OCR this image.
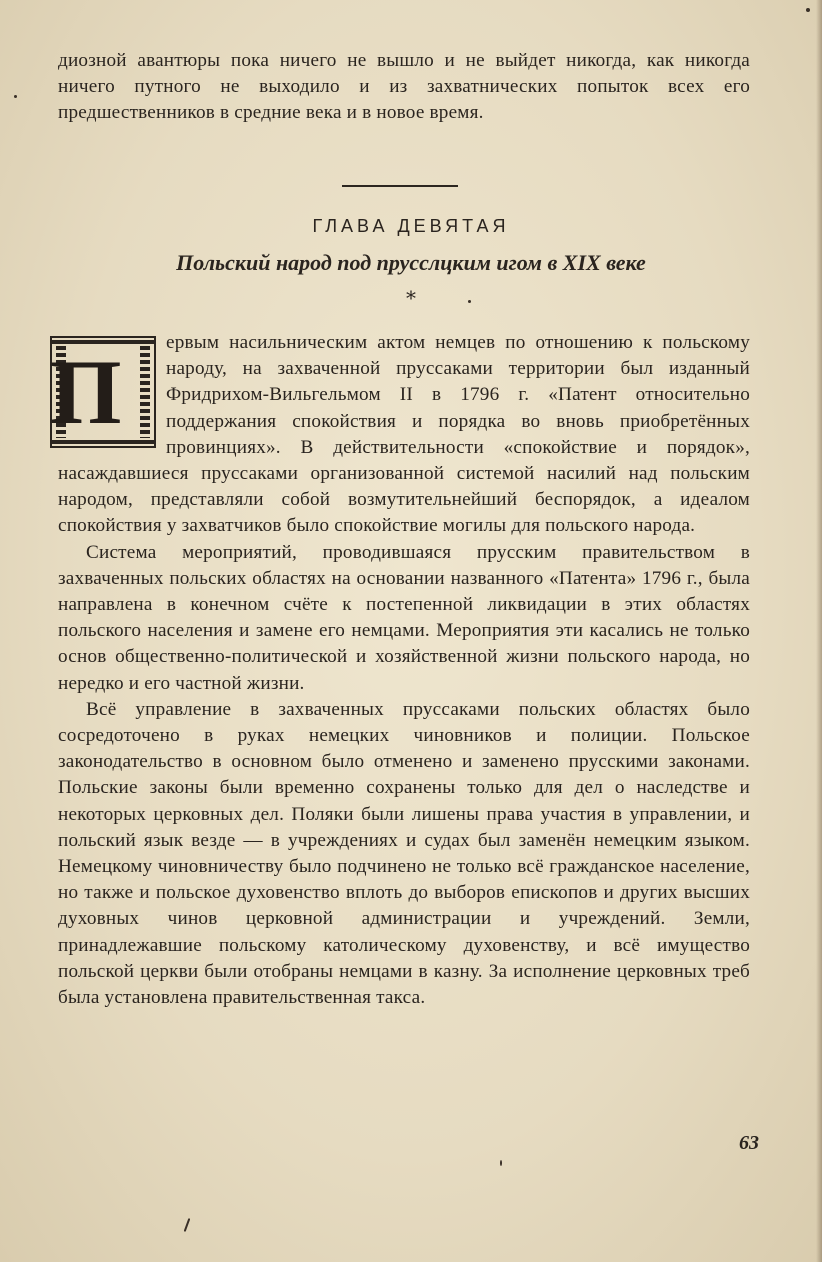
диозной авантюры пока ничего не вышло и не выйдет никогда, как никогда ничего путного не выходило и из захватнических попыток всех его предшественников в средние века и в новое время.
ГЛАВА ДЕВЯТАЯ
Польский народ под прусслцким игом в XIX веке
*

П	ервым насильническим актом немцев по отношению к польскому народу, на захваченной пруссаками территории был изданный Фридрихом-Вильгельмом II в 1796 г. «Патент относительно поддержания спокойствия и порядка во вновь приобретённых провинциях». В действительности «спокойствие и порядок», насаждавшиеся пруссаками организованной системой насилий над польским народом, представляли собой возмутительнейший беспорядок, а идеалом спокойствия у захватчиков было спокойствие могилы для польского народа.

Система мероприятий, проводившаяся прусским правительством в захваченных польских областях на основании названного «Патента» 1796 г., была направлена в конечном счёте к постепенной ликвидации в этих областях польского населения и замене его немцами. Мероприятия эти касались не только основ общественно-политической и хозяйственной жизни польского народа, но нередко и его частной жизни.

Всё управление в захваченных пруссаками польских областях было сосредоточено в руках немецких чиновников и полиции. Польское законодательство в основном было отменено и заменено прусскими законами. Польские законы были временно сохранены только для дел о наследстве и некоторых церковных дел. Поляки были лишены права участия в управлении, и польский язык везде — в учреждениях и судах был заменён немецким языком. Немецкому чиновничеству было подчинено не только всё гражданское население, но также и польское духовенство вплоть до выборов епископов и других высших духовных чинов церковной администрации и учреждений. Земли, принадлежавшие польскому католическому духовенству, и всё имущество польской церкви были отобраны немцами в казну. За исполнение церковных треб была установлена правительственная такса.

63
